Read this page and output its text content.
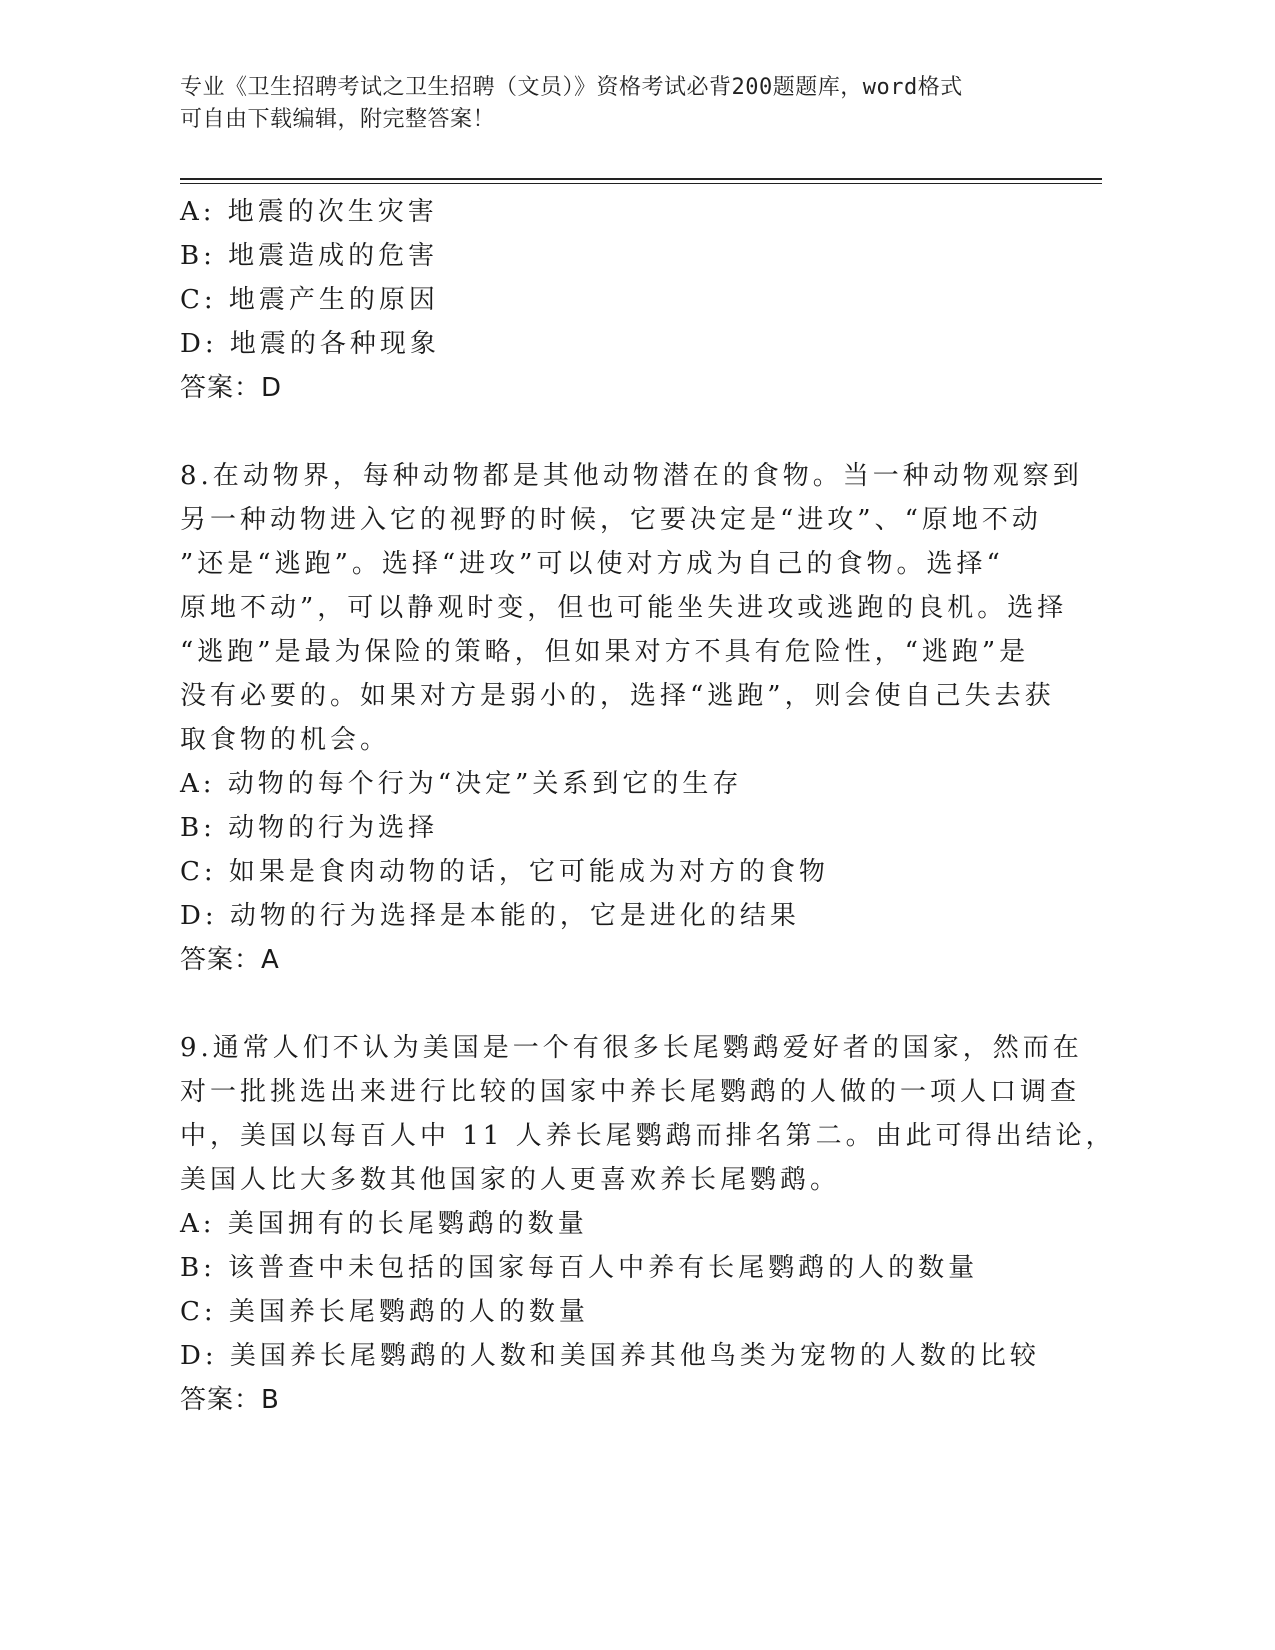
专业《卫生招聘考试之卫生招聘（文员）》资格考试必背200题题库，word格式
可自由下载编辑，附完整答案！
A: 地震的次生灾害
B: 地震造成的危害
C: 地震产生的原因
D: 地震的各种现象
答案：D
8.在动物界，每种动物都是其他动物潜在的食物。当一种动物观察到
另一种动物进入它的视野的时候，它要决定是“进攻”、“原地不动
”还是“逃跑”。选择“进攻”可以使对方成为自己的食物。选择“
原地不动”，可以静观时变，但也可能坐失进攻或逃跑的良机。选择
“逃跑”是最为保险的策略，但如果对方不具有危险性，“逃跑”是
没有必要的。如果对方是弱小的，选择“逃跑”，则会使自己失去获
取食物的机会。
A: 动物的每个行为“决定”关系到它的生存
B: 动物的行为选择
C: 如果是食肉动物的话，它可能成为对方的食物
D: 动物的行为选择是本能的，它是进化的结果
答案：A
9.通常人们不认为美国是一个有很多长尾鹦鹉爱好者的国家，然而在
对一批挑选出来进行比较的国家中养长尾鹦鹉的人做的一项人口调查
中，美国以每百人中 11 人养长尾鹦鹉而排名第二。由此可得出结论，
美国人比大多数其他国家的人更喜欢养长尾鹦鹉。
A: 美国拥有的长尾鹦鹉的数量
B: 该普查中未包括的国家每百人中养有长尾鹦鹉的人的数量
C: 美国养长尾鹦鹉的人的数量
D: 美国养长尾鹦鹉的人数和美国养其他鸟类为宠物的人数的比较
答案：B
